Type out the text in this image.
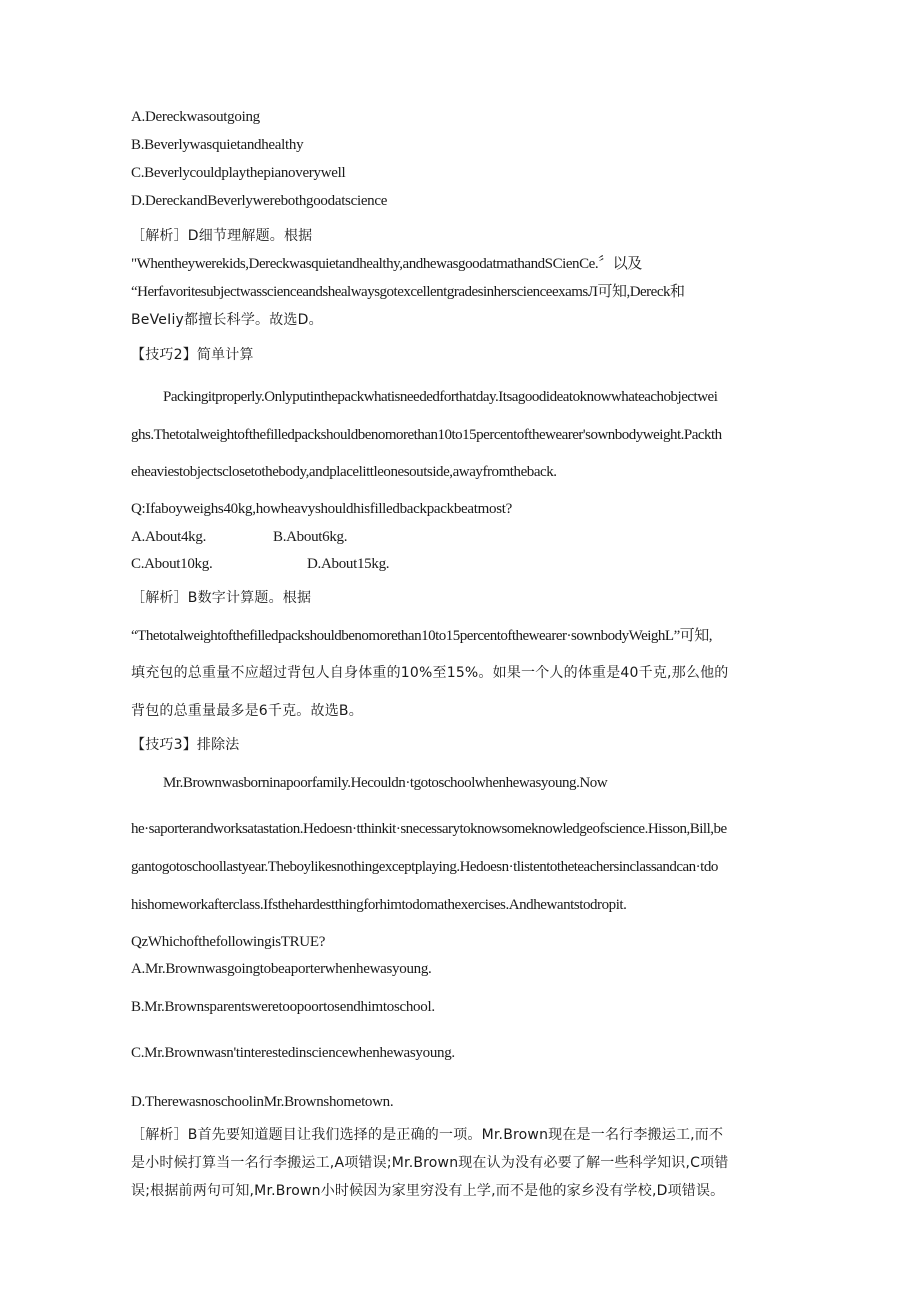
A.Dereckwasoutgoing
B.Beverlywasquietandhealthy
C.Beverlycouldplaythepianoverywell
D.DereckandBeverlywerebothgoodatscience
［解析］D细节理解题。根据
"Whentheywerekids,Dereckwasquietandhealthy,andhewasgoodatmathandSCienCe.〞以及
“HerfavoritesubjectwasscienceandshealwaysgotexcellentgradesinherscienceexamsЛ可知,Dereck和
BeVeIiy都擅长科学。故选D。
【技巧2】简单计算
Packingitproperly.Onlyputinthepackwhatisneededforthatday.Itsagoodideatoknowwhateachobjectwei
ghs.Thetotalweightofthefilledpackshouldbenomorethan10to15percentofthewearer'sownbodyweight.Packth
eheaviestobjectsclosetothebody,andplacelittleonesoutside,awayfromtheback.
Q:Ifaboyweighs40kg,howheavyshouldhisfilledbackpackbeatmost?
A.About4kg.	B.About6kg.
C.About10kg.	D.About15kg.
［解析］B数字计算题。根据
“Thetotalweightofthefilledpackshouldbenomorethan10to15percentofthewearer·sownbodyWeighL”可知,
填充包的总重量不应超过背包人自身体重的10%至15%。如果一个人的体重是40千克,那么他的
背包的总重量最多是6千克。故选B。
【技巧3】排除法
Mr.Brownwasborninapoorfamily.Hecouldn·tgotoschoolwhenhewasyoung.Now
he·saporterandworksatastation.Hedoesn·tthinkit·snecessarytoknowsomeknowledgeofscience.Hisson,Bill,be
gantogotoschoollastyear.Theboylikesnothingexceptplaying.Hedoesn·tlistentotheteachersinclassandcan·tdo
hishomeworkafterclass.Ifsthehardestthingforhimtodomathexercises.Andhewantstodropit.
QzWhichofthefollowingisTRUE?
A.Mr.Brownwasgoingtobeaporterwhenhewasyoung.
B.Mr.Brownsparentsweretoopoortosendhimtoschool.
C.Mr.Brownwasn'tinterestedinsciencewhenhewasyoung.
D.TherewasnoschoolinMr.Brownshometown.
［解析］B首先要知道题目让我们选择的是正确的一项。Mr.Brown现在是一名行李搬运工,而不
是小时候打算当一名行李搬运工,A项错误;Mr.Brown现在认为没有必要了解一些科学知识,C项错
误;根据前两句可知,Mr.Brown小时候因为家里穷没有上学,而不是他的家乡没有学校,D项错误。
